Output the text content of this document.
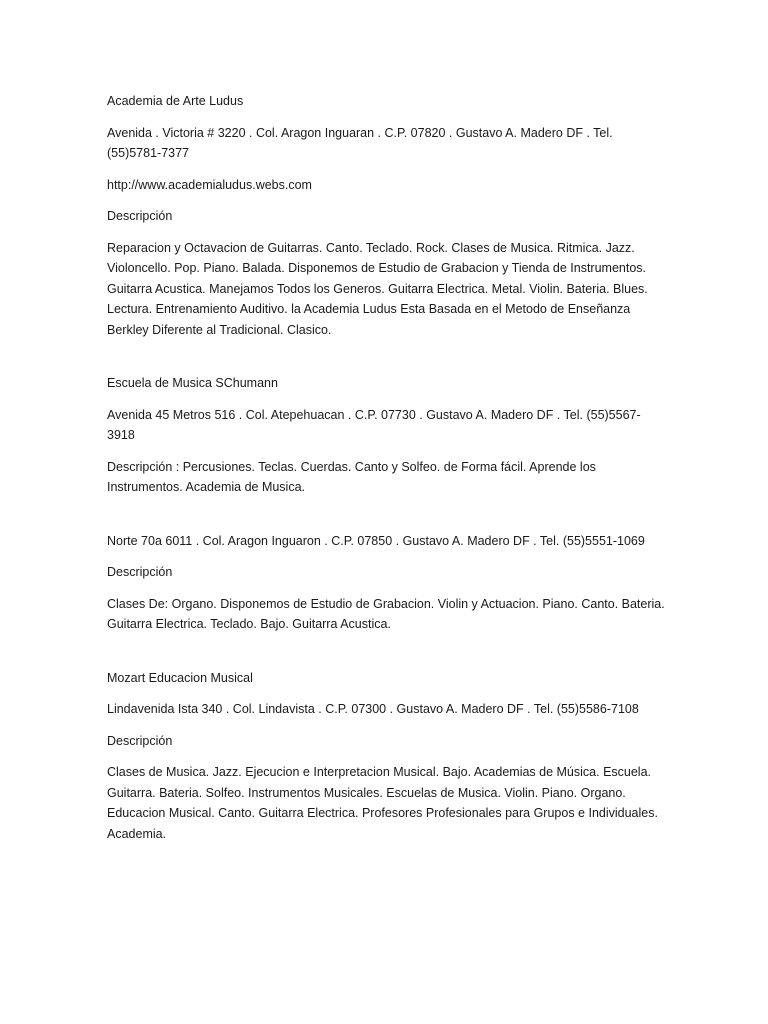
Academia de Arte Ludus

Avenida . Victoria # 3220 . Col. Aragon Inguaran . C.P. 07820 . Gustavo A. Madero DF . Tel. (55)5781-7377

http://www.academialudus.webs.com

Descripción

Reparacion y Octavacion de Guitarras. Canto. Teclado. Rock. Clases de Musica. Ritmica. Jazz. Violoncello. Pop. Piano. Balada. Disponemos de Estudio de Grabacion y Tienda de Instrumentos. Guitarra Acustica. Manejamos Todos los Generos. Guitarra Electrica. Metal. Violin. Bateria. Blues. Lectura. Entrenamiento Auditivo. la Academia Ludus Esta Basada en el Metodo de Enseñanza Berkley Diferente al Tradicional. Clasico.

Escuela de Musica SChumann

Avenida 45 Metros 516 . Col. Atepehuacan . C.P. 07730 . Gustavo A. Madero DF . Tel. (55)5567-3918

Descripción : Percusiones. Teclas. Cuerdas. Canto y Solfeo. de Forma fácil. Aprende los Instrumentos. Academia de Musica.

Norte 70a 6011 . Col. Aragon Inguaron . C.P. 07850 . Gustavo A. Madero DF . Tel. (55)5551-1069

Descripción

Clases De: Organo. Disponemos de Estudio de Grabacion. Violin y Actuacion. Piano. Canto. Bateria. Guitarra Electrica. Teclado. Bajo. Guitarra Acustica.

Mozart Educacion Musical

Lindavenida Ista 340 . Col. Lindavista . C.P. 07300 . Gustavo A. Madero DF . Tel. (55)5586-7108

Descripción

Clases de Musica. Jazz. Ejecucion e Interpretacion Musical. Bajo. Academias de Música. Escuela. Guitarra. Bateria. Solfeo. Instrumentos Musicales. Escuelas de Musica. Violin. Piano. Organo. Educacion Musical. Canto. Guitarra Electrica. Profesores Profesionales para Grupos e Individuales. Academia.
